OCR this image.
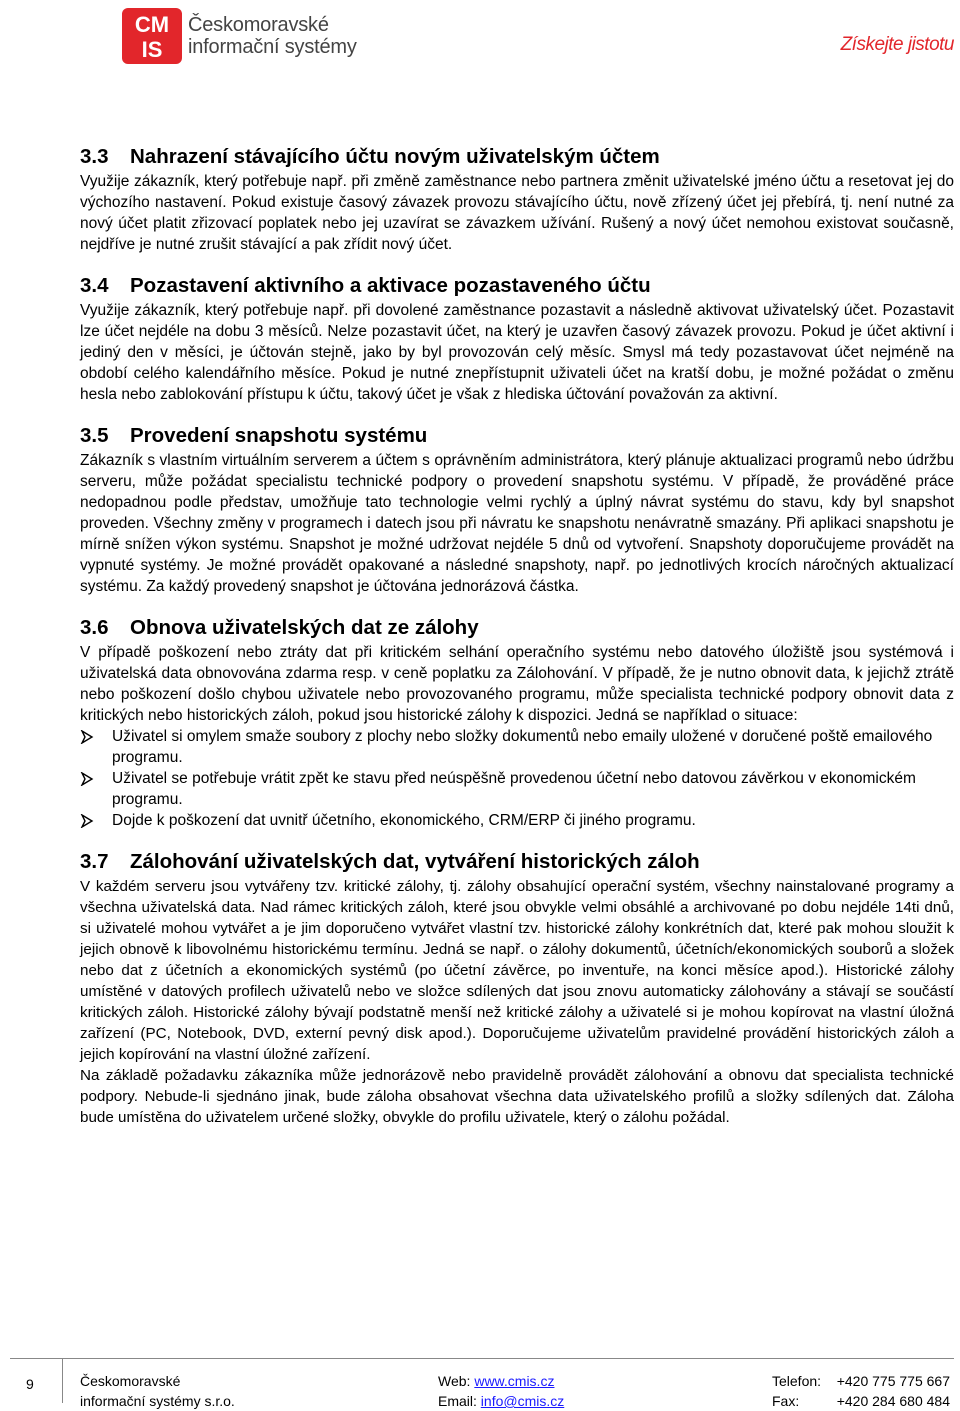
CM
IS
Českomoravské
informační systémy	Získejte jistotu
3.3 Nahrazení stávajícího účtu novým uživatelským účtem

Využije zákazník, který potřebuje např. při změně zaměstnance nebo partnera změnit uživatelské jméno účtu a resetovat jej do výchozího nastavení. Pokud existuje časový závazek provozu stávajícího účtu, nově zřízený účet jej přebírá, tj. není nutné za nový účet platit zřizovací poplatek nebo jej uzavírat se závazkem užívání. Rušený a nový účet nemohou existovat současně, nejdříve je nutné zrušit stávající a pak zřídit nový účet.

3.4 Pozastavení aktivního a aktivace pozastaveného účtu

Využije zákazník, který potřebuje např. při dovolené zaměstnance pozastavit a následně aktivovat uživatelský účet. Pozastavit lze účet nejdéle na dobu 3 měsíců. Nelze pozastavit účet, na který je uzavřen časový závazek provozu. Pokud je účet aktivní i jediný den v měsíci, je účtován stejně, jako by byl provozován celý měsíc. Smysl má tedy pozastavovat účet nejméně na období celého kalendářního měsíce. Pokud je nutné znepřístupnit uživateli účet na kratší dobu, je možné požádat o změnu hesla nebo zablokování přístupu k účtu, takový účet je však z hlediska účtování považován za aktivní.

3.5 Provedení snapshotu systému

Zákazník s vlastním virtuálním serverem a účtem s oprávněním administrátora, který plánuje aktualizaci programů nebo údržbu serveru, může požádat specialistu technické podpory o provedení snapshotu systému. V případě, že prováděné práce nedopadnou podle představ, umožňuje tato technologie velmi rychlý a úplný návrat systému do stavu, kdy byl snapshot proveden. Všechny změny v programech i datech jsou při návratu ke snapshotu nenávratně smazány. Při aplikaci snapshotu je mírně snížen výkon systému. Snapshot je možné udržovat nejdéle 5 dnů od vytvoření. Snapshoty doporučujeme provádět na vypnuté systémy. Je možné provádět opakované a následné snapshoty, např. po jednotlivých krocích náročných aktualizací systému. Za každý provedený snapshot je účtována jednorázová částka.

3.6 Obnova uživatelských dat ze zálohy

V případě poškození nebo ztráty dat při kritickém selhání operačního systému nebo datového úložiště jsou systémová i uživatelská data obnovována zdarma resp. v ceně poplatku za Zálohování. V případě, že je nutno obnovit data, k jejichž ztrátě nebo poškození došlo chybou uživatele nebo provozovaného programu, může specialista technické podpory obnovit data z kritických nebo historických záloh, pokud jsou historické zálohy k dispozici. Jedná se například o situace:

Uživatel si omylem smaže soubory z plochy nebo složky dokumentů nebo emaily uložené v doručené poště emailového programu.
Uživatel se potřebuje vrátit zpět ke stavu před neúspěšně provedenou účetní nebo datovou závěrkou v ekonomickém programu.
Dojde k poškození dat uvnitř účetního, ekonomického, CRM/ERP či jiného programu.
3.7 Zálohování uživatelských dat, vytváření historických záloh

V každém serveru jsou vytvářeny tzv. kritické zálohy, tj. zálohy obsahující operační systém, všechny nainstalované programy a všechna uživatelská data. Nad rámec kritických záloh, které jsou obvykle velmi obsáhlé a archivované po dobu nejdéle 14ti dnů, si uživatelé mohou vytvářet a je jim doporučeno vytvářet vlastní tzv. historické zálohy konkrétních dat, které pak mohou sloužit k jejich obnově k libovolnému historickému termínu. Jedná se např. o zálohy dokumentů, účetních/ekonomických souborů a složek nebo dat z účetních a ekonomických systémů (po účetní závěrce, po inventuře, na konci měsíce apod.). Historické zálohy umístěné v datových profilech uživatelů nebo ve složce sdílených dat jsou znovu automaticky zálohovány a stávají se součástí kritických záloh. Historické zálohy bývají podstatně menší než kritické zálohy a uživatelé si je mohou kopírovat na vlastní úložná zařízení (PC, Notebook, DVD, externí pevný disk apod.). Doporučujeme uživatelům pravidelné provádění historických záloh a jejich kopírování na vlastní úložné zařízení.

Na základě požadavku zákazníka může jednorázově nebo pravidelně provádět zálohování a obnovu dat specialista technické podpory. Nebude-li sjednáno jinak, bude záloha obsahovat všechna data uživatelského profilů a složky sdílených dat. Záloha bude umístěna do uživatelem určené složky, obvykle do profilu uživatele, který o zálohu požádal.

9	Českomoravské
informační systémy s.r.o.
Web: www.cmis.cz
Email: info@cmis.cz
Telefon:
Fax:
+420 775 775 667
+420 284 680 484
